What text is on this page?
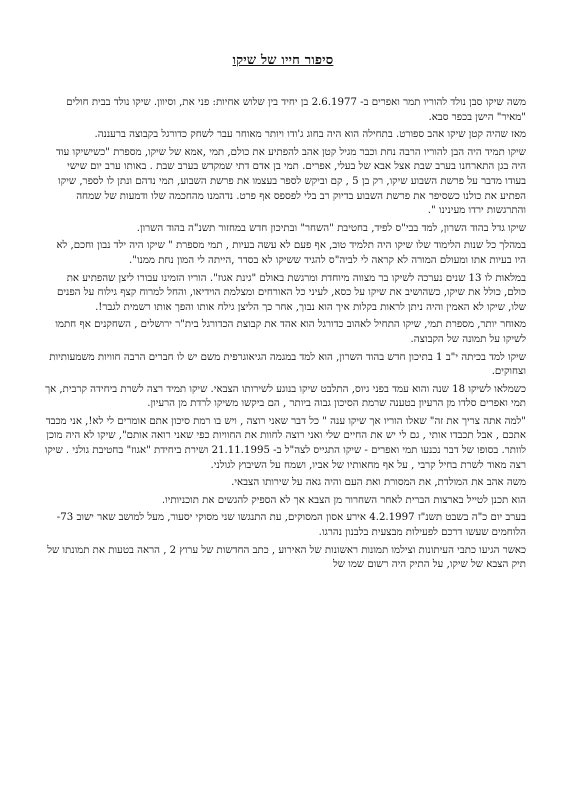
סיפור חייו של שיקו

משה שיקו סבן נולד להוריו תמר ואפרים ב- 2.6.1977 בן יחיד בין שלוש אחיות: פני את, וסיוון. שיקו נולד בבית חולים "מאיר" הישן בכפר סבא.

מאז שהיה קטן שיקו אהב ספורט. בתחילה הוא היה בחוג ג'ודו ויותר מאוחר עבר לשחק כדורגל בקבוצה ברעננה.

שיקו תמיד היה הבן להוריו הרבה נחת וכבר מגיל קטן אהב להפתיע את כולם, תמי ,אמא של שיקו, מספרת "כשישיקו עוד היה בגן התארחנו בערב שבת אצל אבא של בעלי, אפרים. תמי בן אדם דתי שמקדש בערב שבת . באותו ערב יום שישי בעודו מדבר על פרשת השבוע שיקו, רק בן 5 , קם וביקש לספר בעצמו את פרשת השבוע, תמי נדהם ונתן לו לספר, שיקו הפתיע את כולנו כשסיפר את פרשת השבוע בדיוק רב בלי לפספס אף פרט. נדהמנו מהחכמה שלו ודמעות של שמחה והתרגשות ירדו מעינינו ".

שיקו גדל בהוד השרון, למד בבי"ס לפיד, בחטיבת "השחר" ובתיכון חדש במחזור תשנ"ה בהוד השרון.

במהלך כל שנות הלימוד שלו שיקו היה תלמיד טוב, אף פעם לא עשה בעיות , תמי מספרת " שיקו היה ילד נבון וחכם, לא היו בעיות אתו ומעולם המורה לא קראה לי לביה"ס להגיד ששיקו לא בסדר ,הייתה לי המון נחת ממנו".

במלאות לו 13 שנים נערכה לשיקו בר מצווה מיוחדת ומרגשת באולם "גינת אגוז". הוריו הזמינו עבורו ליצן שהפתיע את כולם, כולל את שיקו, כשהושיב את שיקו על כסא, לעיני כל האורחים ומצלמת הוידיאו, והחל למרוח קצף גילוח על הפנים שלו, שיקו לא האמין והיה ניתן לראות בקלות איך הוא נבוך, אחר כך הליצן גילח אותו והפך אותו רשמית לגבר!.

מאוחר יותר, מספרת תמי, שיקו התחיל לאהוב כדורגל הוא אהד את קבוצת הכדורגל בית"ר ירושלים , השחקנים אף חתמו לשיקו על תמונה של הקבוצה.

שיקו למד בכיתה י"ב 1 בתיכון חדש בהוד השרון, הוא למד במגמה הגיאוגרפית משם יש לו חברים הרבה חוויות משמעותיות וצחוקים.

כשמלאו לשיקו 18 שנה והוא עמד בפני גיוס, התלבט שיקו בנוגע לשירותו הצבאי. שיקו תמיד רצה לשרת ביחידה קרבית, אך תמי ואפרים סלדו מן הרעיון בטענה שרמת הסיכון גבוה ביותר , הם ביקשו משיקו לרדת מן הרעיון.

"למה אתה צריך את זה" שאלו הוריו אך שיקו ענה " כל דבר שאני רוצה , ויש בו רמת סיכון אתם אומרים לי לא!, אני מכבד אתכם , אבל תכבדו אותי , גם לי יש את החיים שלי ואני רוצה לחוות את החוויות כפי שאני רואה אותם", שיקו לא היה מוכן לוותר. בסופו של דבר נכנעו תמי ואפרים - שיקו התגייס לצה"ל ב- 21.11.1995 ושירת ביחידת "אגוז" בחטיבת גולני . שיקו רצה מאוד לשרת בחיל קרבי , על אף מחאותיו של אביו, ושמח על השיבוץ לגולני.

משה אהב את המולדת, את המסורת ואת העם והיה גאה על שירותו הצבאי.

הוא תכנן לטייל בארצות הברית לאחר השחרור מן הצבא אך לא הספיק להגשים את תוכניותיו.

בערב יום כ"ה בשבט תשנ"ז 4.2.1997 אירע אסון המסוקים, עת התנגשו שני מסוקי יסעור, מעל למושב שאר ישוב 73- הלוחמים שעשו דרכם לפעילות מבצעית בלבנון נהרגו.

כאשר הגיעו כתבי העיתונות וצילמו תמונות ראשונות של האירוע , כתב החדשות של ערוץ 2 , הראה בטעות את תמונתו של תיק הצבא של שיקו, על התיק היה רשום שמו של
